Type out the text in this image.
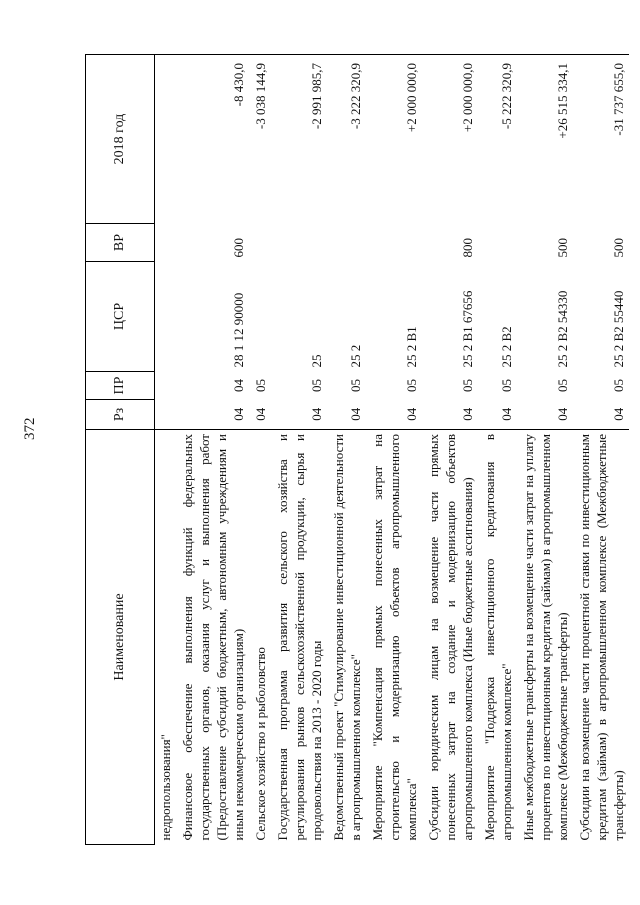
372
Наименование	Рз	ПР	ЦСР	ВР	2018 год
недропользования"					
Финансовое обеспечение выполнения функций федеральных государственных органов, оказания услуг и выполнения работ (Предоставление субсидий бюджетным, автономным учреждениям и иным некоммерческим организациям)	04	04	28 1 12 90000	600	-8 430,0
Сельское хозяйство и рыболовство	04	05			-3 038 144,9
Государственная программа развития сельского хозяйства и регулирования рынков сельскохозяйственной продукции, сырья и продовольствия на 2013 - 2020 годы	04	05	25		-2 991 985,7
Ведомственный проект "Стимулирование инвестиционной деятельности в агропромышленном комплексе"	04	05	25 2		-3 222 320,9
Мероприятие "Компенсация прямых понесенных затрат на строительство и модернизацию объектов агропромышленного комплекса"	04	05	25 2 В1		+2 000 000,0
Субсидии юридическим лицам на возмещение части прямых понесенных затрат на создание и модернизацию объектов агропромышленного комплекса (Иные бюджетные ассигнования)	04	05	25 2 В1 67656	800	+2 000 000,0
Мероприятие "Поддержка инвестиционного кредитования в агропромышленном комплексе"	04	05	25 2 В2		-5 222 320,9
Иные межбюджетные трансферты на возмещение части затрат на уплату процентов по инвестиционным кредитам (займам) в агропромышленном комплексе (Межбюджетные трансферты)	04	05	25 2 В2 54330	500	+26 515 334,1
Субсидии на возмещение части процентной ставки по инвестиционным кредитам (займам) в агропромышленном комплексе (Межбюджетные трансферты)	04	05	25 2 В2 55440	500	-31 737 655,0
